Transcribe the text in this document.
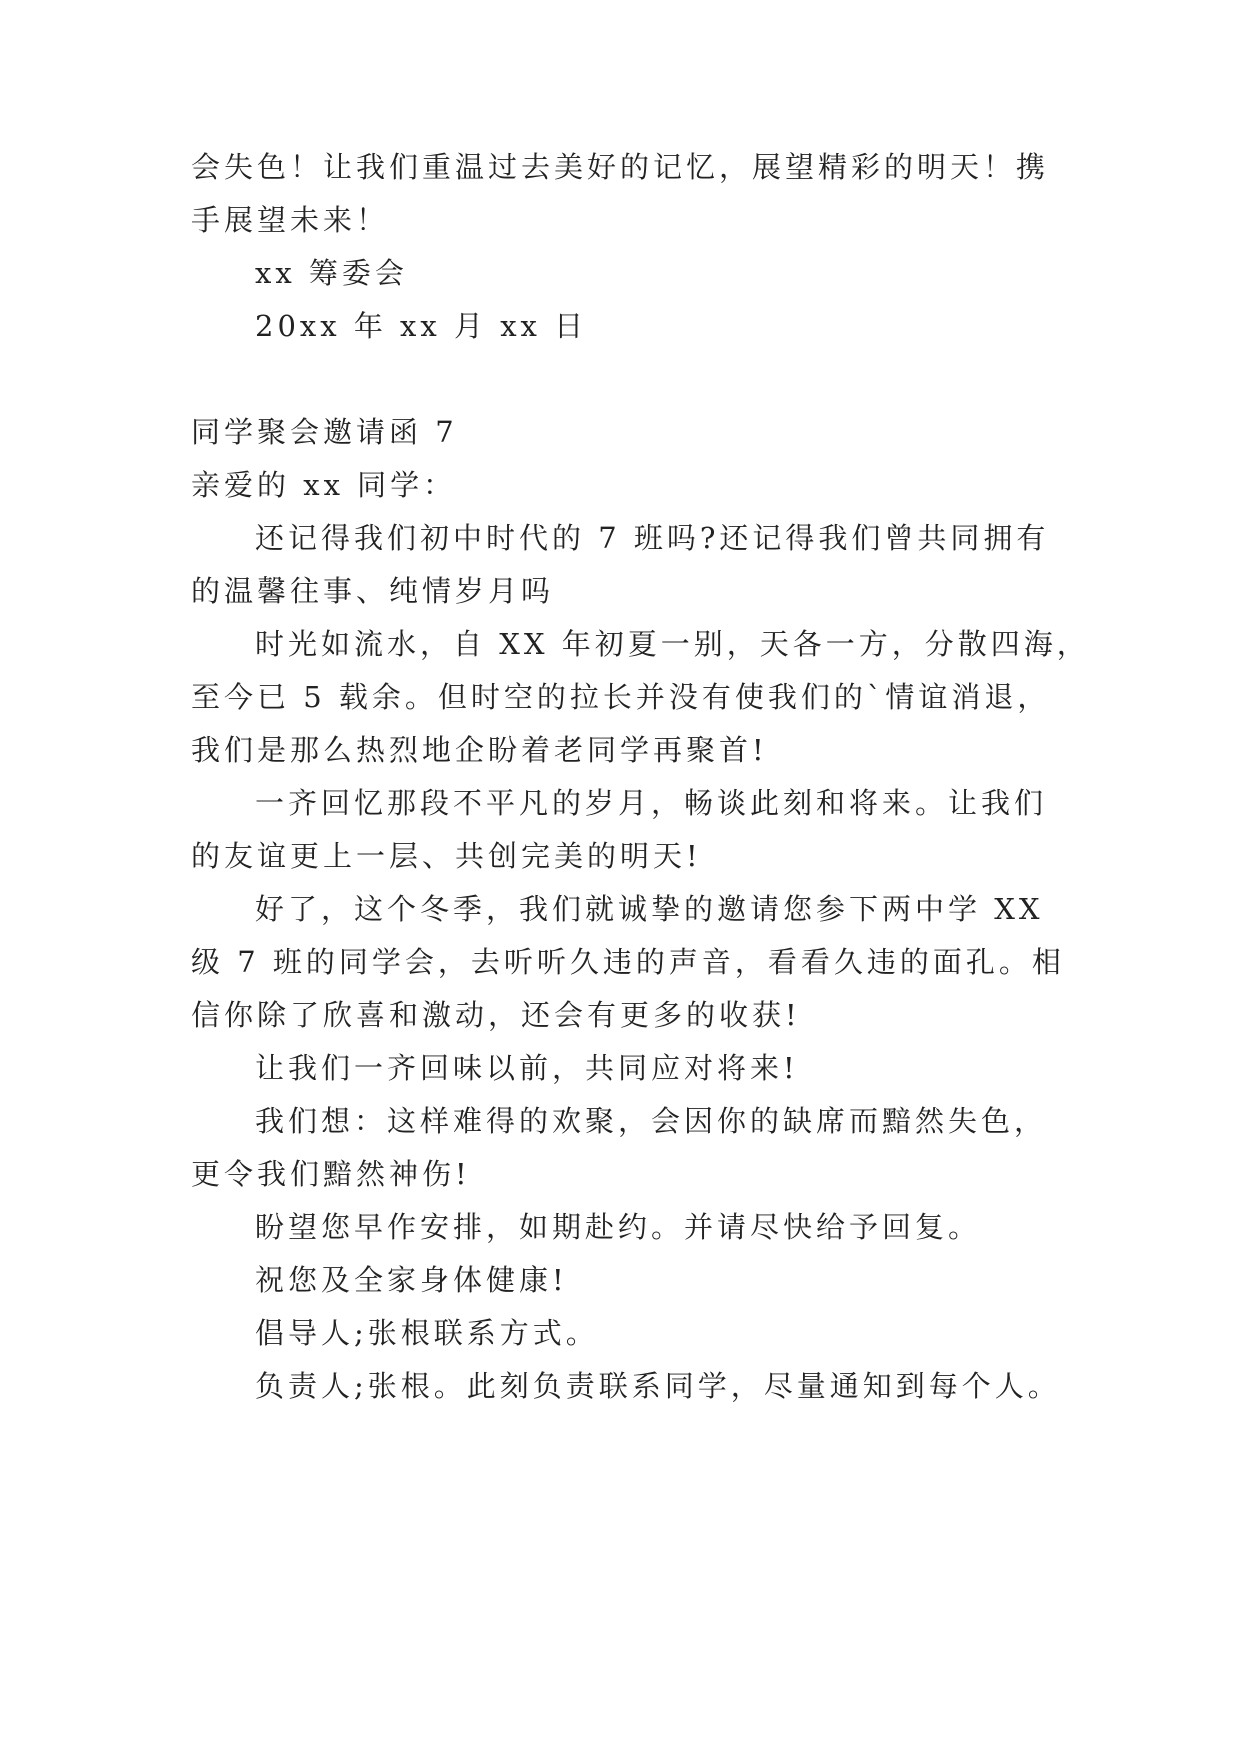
会失色！让我们重温过去美好的记忆，展望精彩的明天！携
手展望未来！
xx 筹委会
20xx 年 xx 月 xx 日
同学聚会邀请函 7
亲爱的 xx 同学：
还记得我们初中时代的 7 班吗?还记得我们曾共同拥有
的温馨往事、纯情岁月吗
时光如流水，自 XX 年初夏一别，天各一方，分散四海，
至今已 5 载余。但时空的拉长并没有使我们的`情谊消退，
我们是那么热烈地企盼着老同学再聚首!
一齐回忆那段不平凡的岁月，畅谈此刻和将来。让我们
的友谊更上一层、共创完美的明天!
好了，这个冬季，我们就诚挚的邀请您参下两中学 XX
级 7 班的同学会，去听听久违的声音，看看久违的面孔。相
信你除了欣喜和激动，还会有更多的收获!
让我们一齐回味以前，共同应对将来!
我们想：这样难得的欢聚，会因你的缺席而黯然失色，
更令我们黯然神伤!
盼望您早作安排，如期赴约。并请尽快给予回复。
祝您及全家身体健康!
倡导人;张根联系方式。
负责人;张根。此刻负责联系同学，尽量通知到每个人。
